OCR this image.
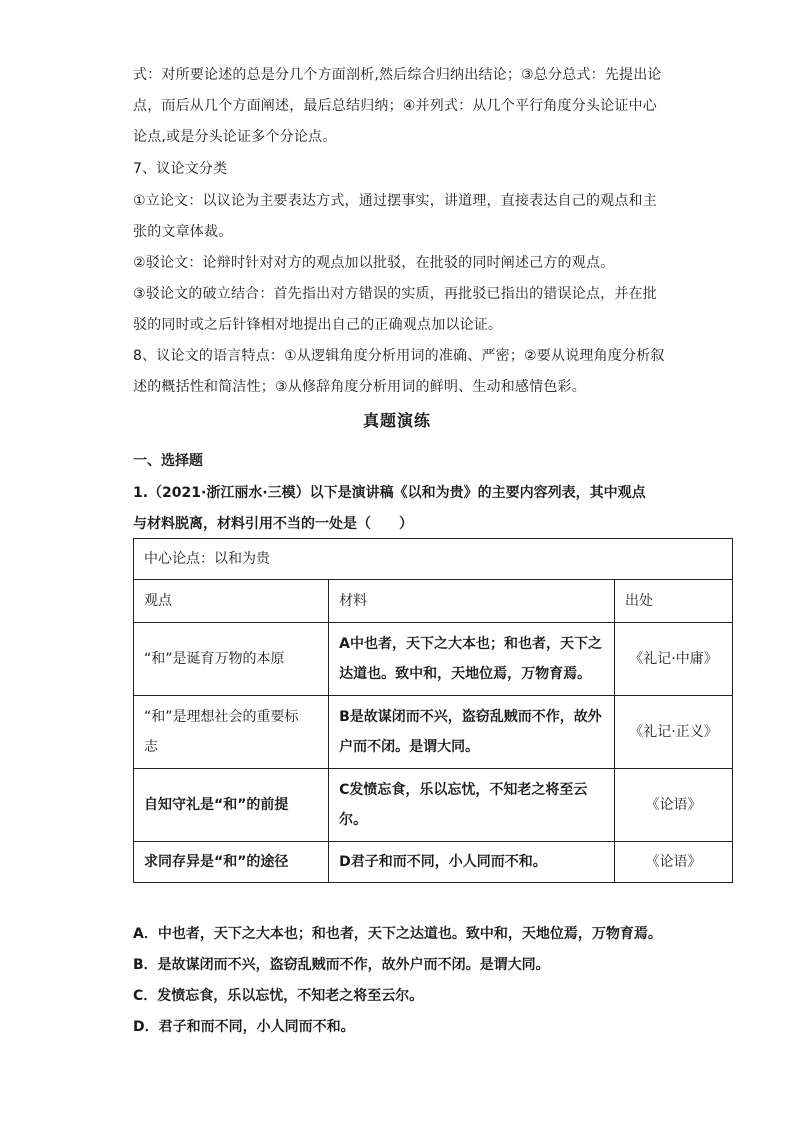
式：对所要论述的总是分几个方面剖析,然后综合归纳出结论；③总分总式：先提出论
点，而后从几个方面阐述，最后总结归纳；④并列式：从几个平行角度分头论证中心
论点,或是分头论证多个分论点。
7、议论文分类
①立论文：以议论为主要表达方式，通过摆事实，讲道理，直接表达自己的观点和主
张的文章体裁。
②驳论文：论辩时针对对方的观点加以批驳，在批驳的同时阐述己方的观点。
③驳论文的破立结合：首先指出对方错误的实质，再批驳已指出的错误论点，并在批
驳的同时或之后针锋相对地提出自己的正确观点加以论证。
8、议论文的语言特点：①从逻辑角度分析用词的准确、严密；②要从说理角度分析叙
述的概括性和简洁性；③从修辞角度分析用词的鲜明、生动和感情色彩。
真题演练
一、选择题
1.（2021·浙江丽水·三模）以下是演讲稿《以和为贵》的主要内容列表，其中观点
与材料脱离，材料引用不当的一处是（　　）
中心论点：以和为贵		
观点	材料	出处

“和”是诞育万物的本原	A中也者，天下之大本也；和也者，天下之
达道也。致中和，天地位焉，万物育焉。	《礼记·中庸》

“和”是理想社会的重要标
志	B是故谋闭而不兴，盗窃乱贼而不作，故外
户而不闭。是谓大同。	《礼记·正义》

自知守礼是“和”的前提	C发愤忘食，乐以忘忧，不知老之将至云
尔。	《论语》

求同存异是“和”的途径	D君子和而不同，小人同而不和。	《论语》
A．中也者，天下之大本也；和也者，天下之达道也。致中和，天地位焉，万物育焉。
B．是故谋闭而不兴，盗窃乱贼而不作，故外户而不闭。是谓大同。
C．发愤忘食，乐以忘忧，不知老之将至云尔。
D．君子和而不同，小人同而不和。
